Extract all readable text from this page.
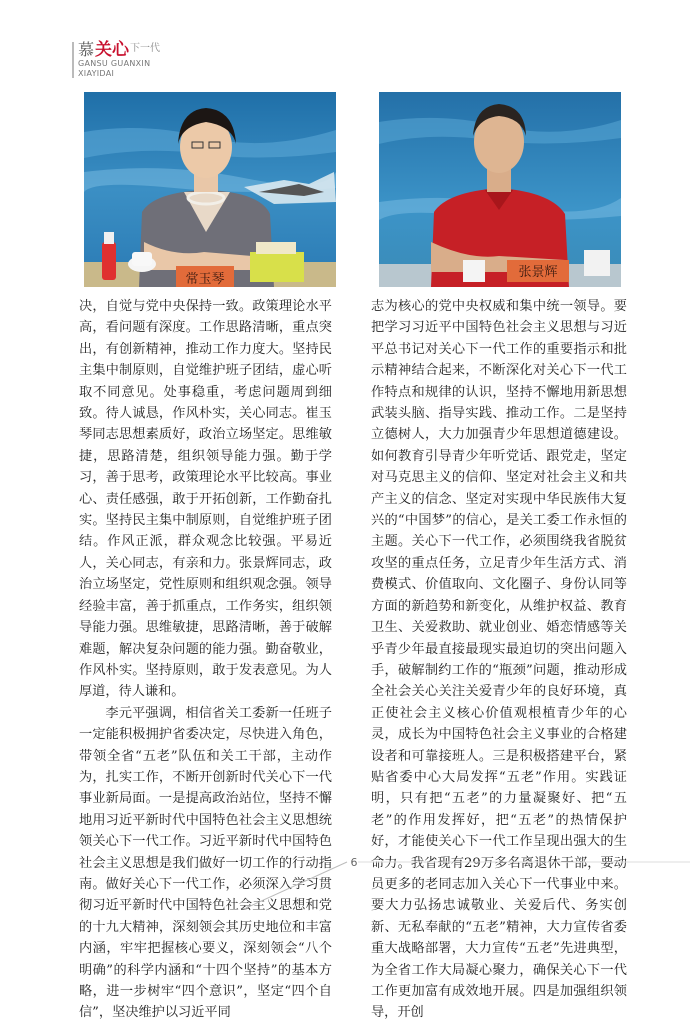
慕关心$^{下一代}$
GANSU GUANXIN
XIAYIDAI
常玉琴	张景辉

决，自觉与党中央保持一致。政策理论水平高，看问题有深度。工作思路清晰，重点突出，有创新精神，推动工作力度大。坚持民主集中制原则，自觉维护班子团结，虚心听取不同意见。处事稳重，考虑问题周到细致。待人诚恳，作风朴实，关心同志。崔玉琴同志思想素质好，政治立场坚定。思维敏捷，思路清楚，组织领导能力强。勤于学习，善于思考，政策理论水平比较高。事业心、责任感强，敢于开拓创新，工作勤奋扎实。坚持民主集中制原则，自觉维护班子团结。作风正派，群众观念比较强。平易近人，关心同志，有亲和力。张景辉同志，政治立场坚定，党性原则和组织观念强。领导经验丰富，善于抓重点，工作务实，组织领导能力强。思维敏捷，思路清晰，善于破解难题，解决复杂问题的能力强。勤奋敬业，作风朴实。坚持原则，敢于发表意见。为人厚道，待人谦和。

李元平强调，相信省关工委新一任班子一定能积极拥护省委决定，尽快进入角色，带领全省“五老”队伍和关工干部，主动作为，扎实工作，不断开创新时代关心下一代事业新局面。一是提高政治站位，坚持不懈地用习近平新时代中国特色社会主义思想统领关心下一代工作。习近平新时代中国特色社会主义思想是我们做好一切工作的行动指南。做好关心下一代工作，必须深入学习贯彻习近平新时代中国特色社会主义思想和党的十九大精神，深刻领会其历史地位和丰富内涵，牢牢把握核心要义，深刻领会“八个明确”的科学内涵和“十四个坚持”的基本方略，进一步树牢“四个意识”，坚定“四个自信”，坚决维护以习近平同

志为核心的党中央权威和集中统一领导。要把学习习近平中国特色社会主义思想与习近平总书记对关心下一代工作的重要指示和批示精神结合起来，不断深化对关心下一代工作特点和规律的认识，坚持不懈地用新思想武装头脑、指导实践、推动工作。二是坚持立德树人，大力加强青少年思想道德建设。如何教育引导青少年听党话、跟党走，坚定对马克思主义的信仰、坚定对社会主义和共产主义的信念、坚定对实现中华民族伟大复兴的“中国梦”的信心，是关工委工作永恒的主题。关心下一代工作，必须围绕我省脱贫攻坚的重点任务，立足青少年生活方式、消费模式、价值取向、文化圈子、身份认同等方面的新趋势和新变化，从维护权益、教育卫生、关爱救助、就业创业、婚恋情感等关乎青少年最直接最现实最迫切的突出问题入手，破解制约工作的“瓶颈”问题，推动形成全社会关心关注关爱青少年的良好环境，真正使社会主义核心价值观根植青少年的心灵，成长为中国特色社会主义事业的合格建设者和可靠接班人。三是积极搭建平台，紧贴省委中心大局发挥“五老”作用。实践证明，只有把“五老”的力量凝聚好、把“五老”的作用发挥好，把“五老”的热情保护好，才能使关心下一代工作呈现出强大的生命力。我省现有29万多名离退休干部，要动员更多的老同志加入关心下一代事业中来。要大力弘扬忠诚敬业、关爱后代、务实创新、无私奉献的“五老”精神，大力宣传省委重大战略部署，大力宣传“五老”先进典型，为全省工作大局凝心聚力，确保关心下一代工作更加富有成效地开展。四是加强组织领导，开创

6
